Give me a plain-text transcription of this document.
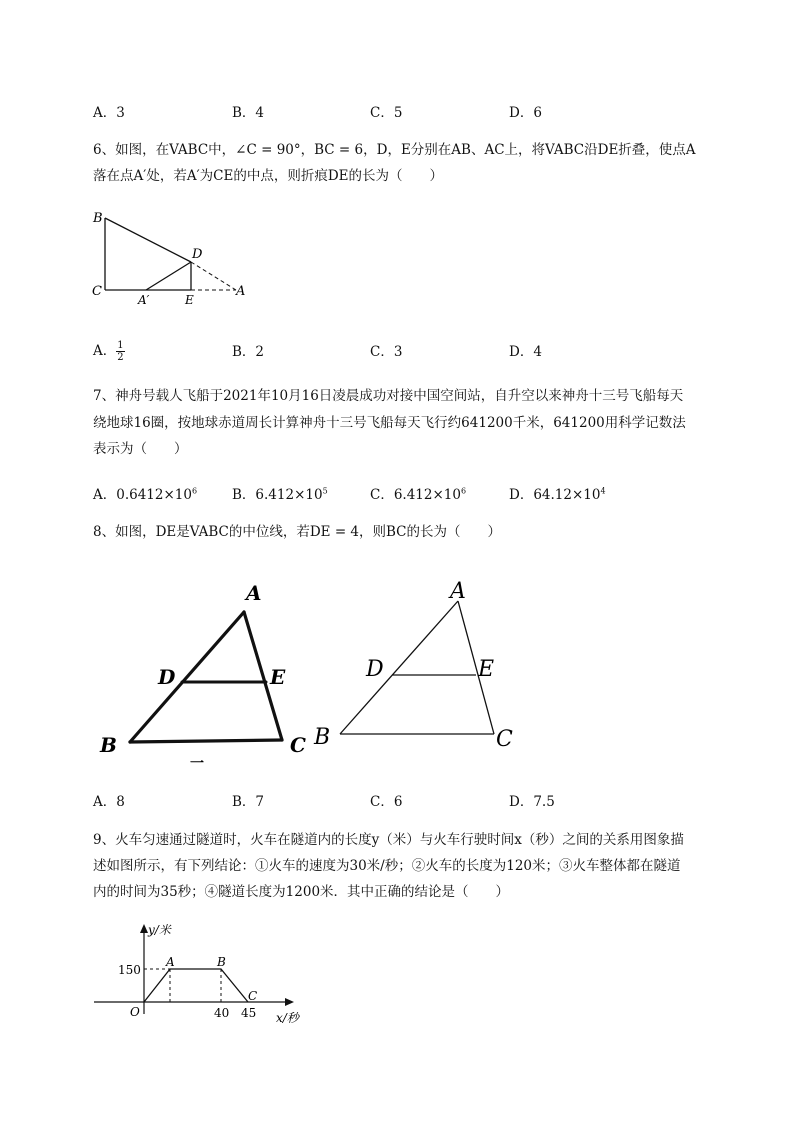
A．3	B．4	C．5	D．6
6、如图，在VABC中，∠C = 90°，BC = 6，D，E分别在AB、AC上，将VABC沿DE折叠，使点A
落在点A′处，若A′为CE的中点，则折痕DE的长为（　　）
B
C
A′	E
A
D
A． $\frac{1}{2}$	B．2	C．3	D．4
7、神舟号载人飞船于2021年10月16日凌晨成功对接中国空间站，自升空以来神舟十三号飞船每天
绕地球16圈，按地球赤道周长计算神舟十三号飞船每天飞行约641200千米，641200用科学记数法
表示为（　　）
A．$0.6412\times 10^6$	B．$6.412\times 10^5$	C．$6.412\times 10^6$	D．$64.12\times 10^4$
8、如图，DE是VABC的中位线，若DE = 4，则BC的长为（　　）
A
D	E
B	C
一
A
D	E
B	C
A．8	B．7	C．6	D．7.5
9、火车匀速通过隧道时，火车在隧道内的长度y（米）与火车行驶时间x（秒）之间的关系用图象描
述如图所示，有下列结论：①火车的速度为30米/秒；②火车的长度为120米；③火车整体都在隧道
内的时间为35秒；④隧道长度为1200米．其中正确的结论是（　　）
y/米
x/秒
O
150
A	B
C
40 45
